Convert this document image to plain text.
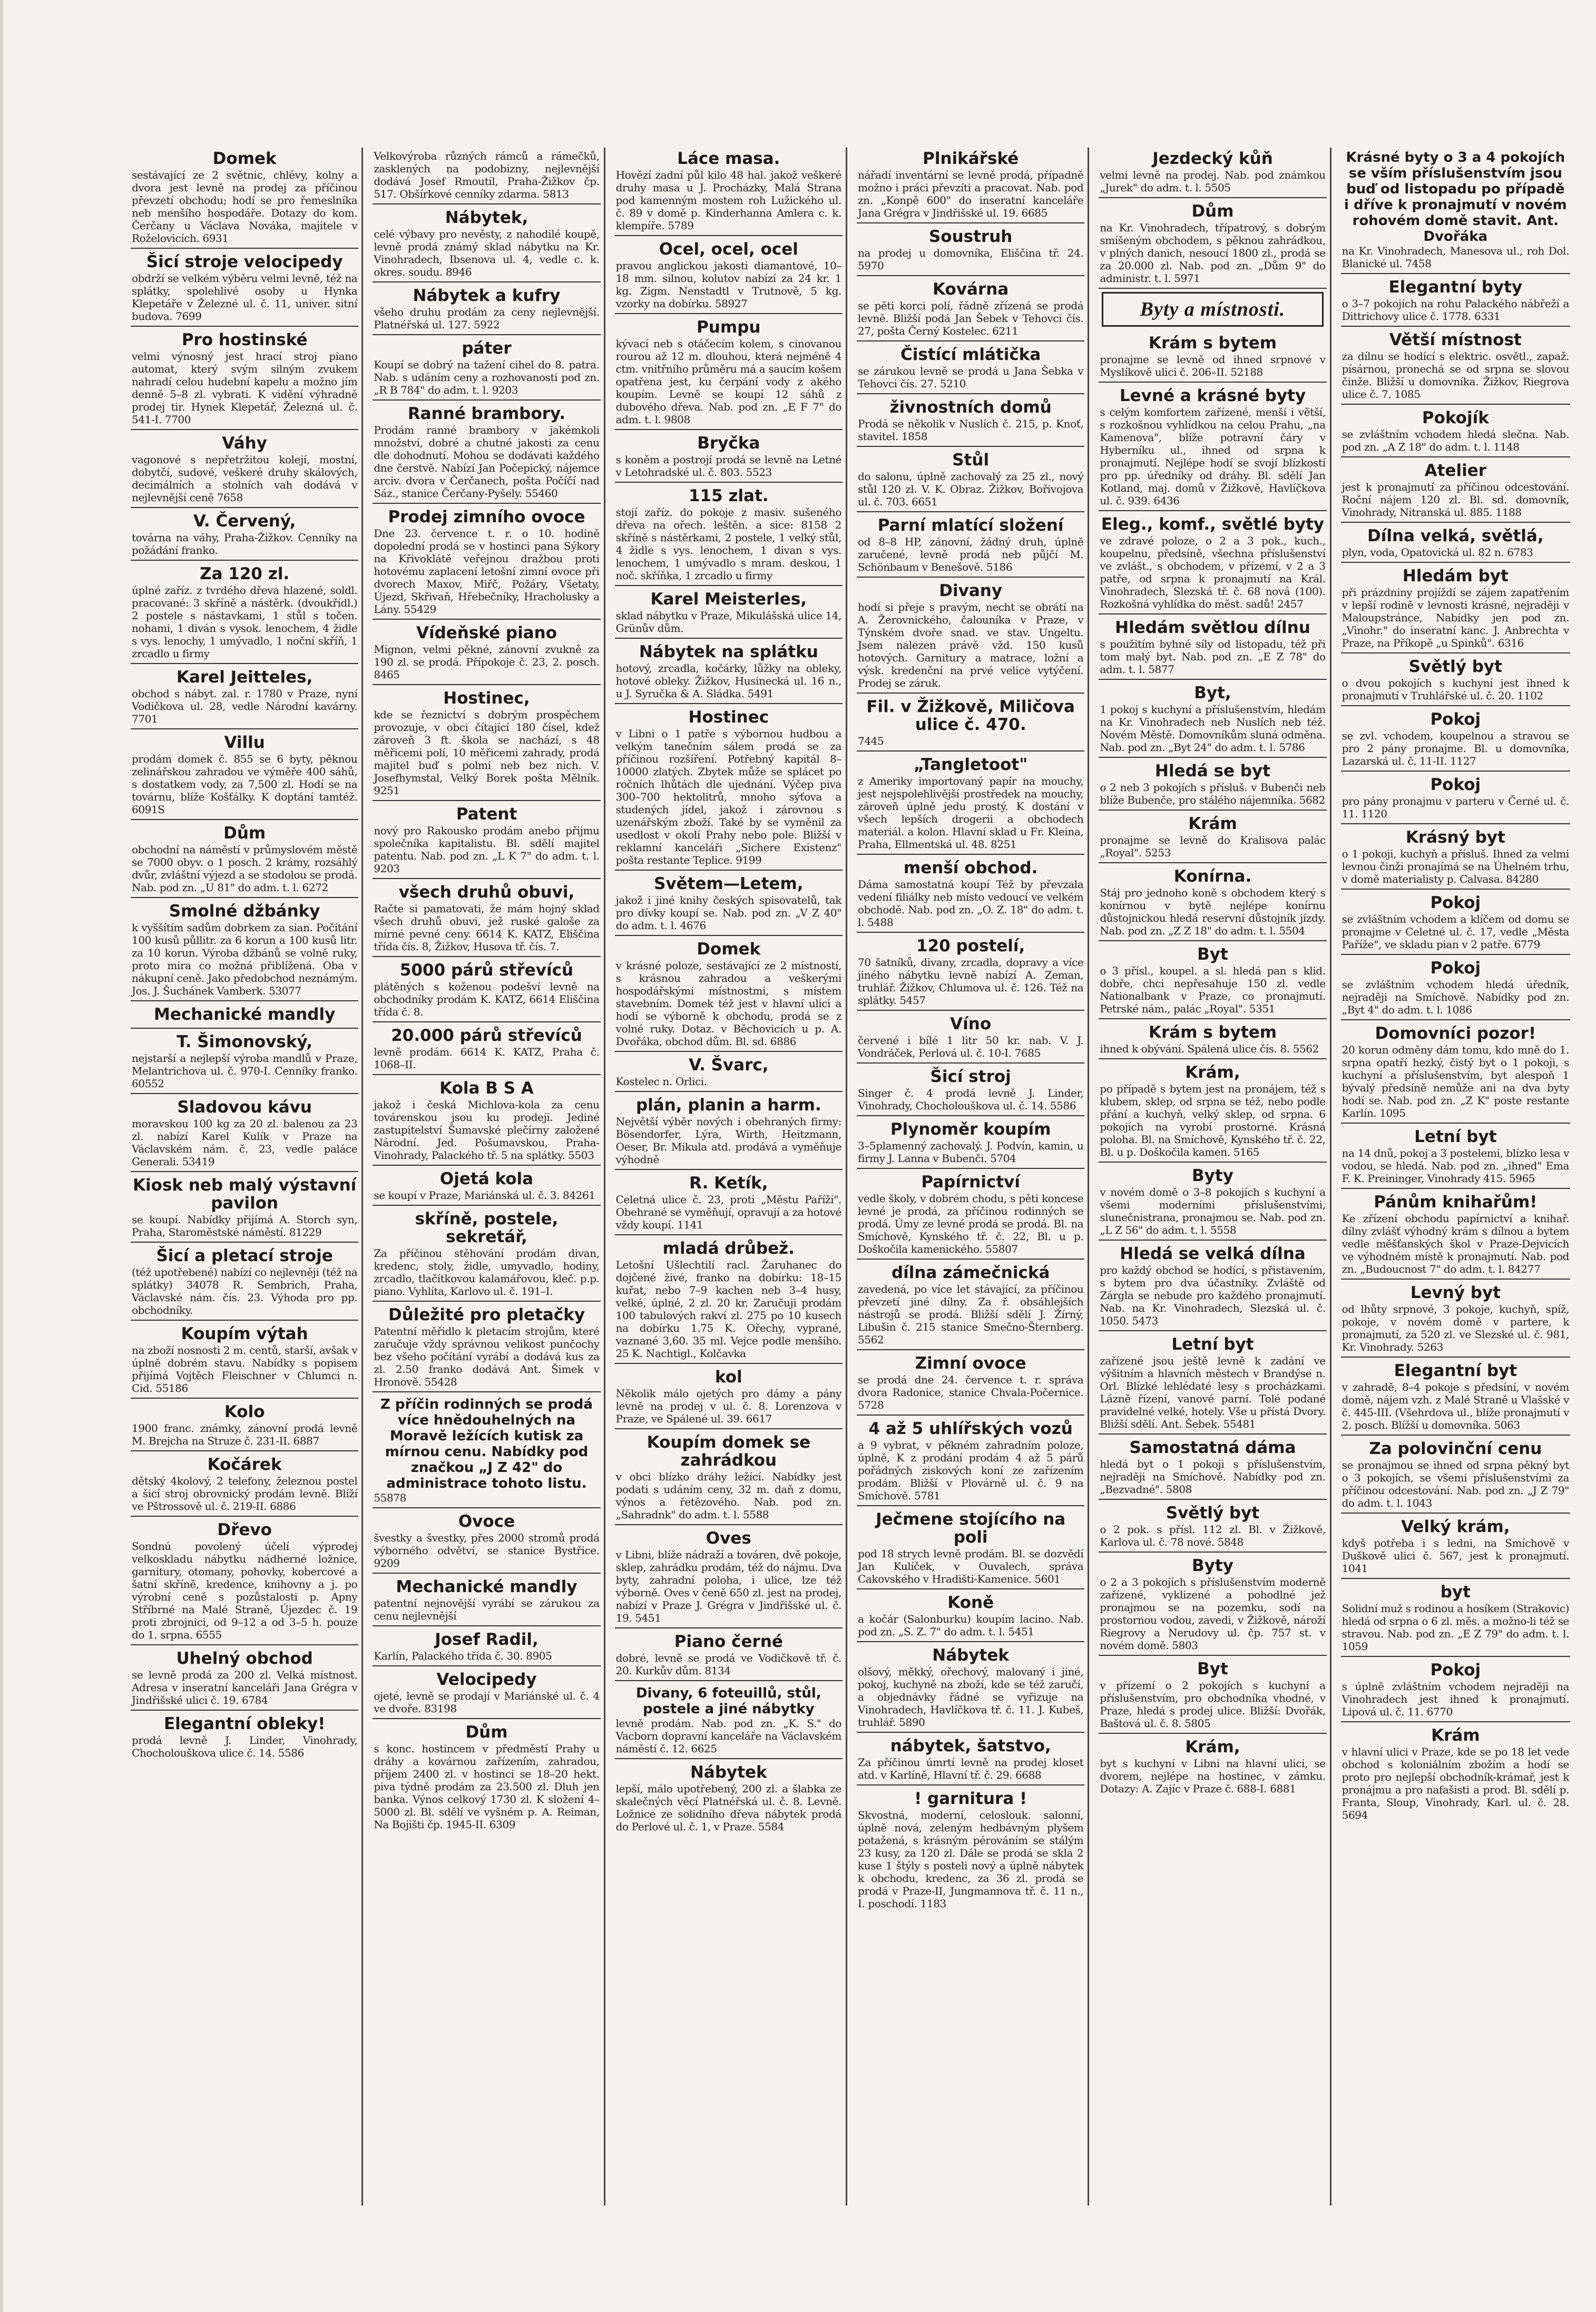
Domek

sestávající ze 2 světnic, chlévy, kolny a dvora jest levně na prodej za příčinou převzetí obchodu; hodí se pro řemeslníka neb menšího hospodáře. Dotazy do kom. Čerčany u Václava Nováka, majitele v Roželovicích. 6931

Šicí stroje velocipedy

obdrží se velkém výběru velmi levně, též na splátky, spolehlivé osoby u Hynka Klepetáře v Železné ul. č. 11, univer. sitní budova. 7699

Pro hostinské

velmi výnosný jest hrací stroj piano automat, který svým silným zvukem nahradí celou hudební kapelu a možno jím denně 5–8 zl. vybrati. K vidění výhradně prodej tir. Hynek Klepetář, Železná ul. č. 541-I. 7700

Váhy

vagonové s nepřetržitou kolejí, mostní, dobytčí, sudové, veškeré druhy skálových, decimálních a stolních vah dodává v nejlevnější ceně 7658

V. Červený,

továrna na váhy, Praha-Žižkov. Cenníky na požádání franko.

Za 120 zl.

úplné zaříz. z tvrdého dřeva hlazené, soldl. pracované: 3 skříně a nástěrk. (dvoukřídl.) 2 postele s nástavkami, 1 stůl s točen. nohami, 1 diván s vysok. lenochem, 4 židle s vys. lenochy, 1 umývadlo, 1 noční skříň, 1 zrcadlo u firmy

Karel Jeitteles,

obchod s nábyt. zal. r. 1780 v Praze, nyní Vodičkova ul. 28, vedle Národní kavárny. 7701

Villu

prodám domek č. 855 se 6 byty, pěknou zelinářskou zahradou ve výměře 400 sáhů, s dostatkem vody, za 7,500 zl. Hodí se na továrnu, blíže Košťálky. K doptání tamtéž. 6091S

Dům

obchodní na náměstí v průmyslovém městě se 7000 obyv. o 1 posch. 2 krámy, rozsáhlý dvůr, zvláštní výjezd a se stodolou se prodá. Nab. pod zn. „U 81" do adm. t. l. 6272

Smolné džbánky

k vyššítím sadům dobrkem za sian. Počítání 100 kusů půllitr. za 6 korun a 100 kusů litr. za 10 korun. Výroba džbánů se volně ruky, proto mira co možná přiblížená. Oba v nákupní ceně. Jako předobchod neznámým. Jos. J. Šuchánek Vamberk. 53077

Mechanické mandly
T. Šimonovský,

nejstarší a nejlepší výroba mandlů v Praze, Melantrichova ul. č. 970-I. Cenníky franko. 60552

Sladovou kávu

moravskou 100 kg za 20 zl. balenou za 23 zl. nabízí Karel Kulík v Praze na Václavském nám. č. 23, vedle paláce Generali. 53419

Kiosk neb malý výstavní pavilon

se koupí. Nabídky přijímá A. Storch syn, Praha, Staroměstské náměstí. 81229

Šicí a pletací stroje

(též upotřebené) nabízí co nejlevněji (též na splátky) 34078 R. Sembrich, Praha, Václavské nám. čís. 23. Výhoda pro pp. obchodníky.

Koupím výtah

na zboží nosnosti 2 m. centů, starší, avšak v úplně dobrém stavu. Nabídky s popisem přijímá Vojtěch Fleischner v Chlumci n. Cid. 55186

Kolo

1900 franc. známky, zánovní prodá levně M. Brejcha na Struze č. 231-II. 6887

Kočárek

dětský 4kolový, 2 telefony, železnou postel a šicí stroj obrovnický prodám levně. Blíží ve Pštrossově ul. č. 219-II. 6886

Dřevo

Sondnú povolený účelí výprodej velkoskladu nábytku nádherné ložnice, garnitury, otomany, pohovky, kobercové a šatní skříně, kredence, knihovny a j. po výrobní ceně s pozůstalosti p. Apny Stříbrné na Malé Straně, Újezdec č. 19 proti zbrojnici, od 9–12 a od 3–5 h. pouze do 1. srpna. 6555

Uhelný obchod

se levně prodá za 200 zl. Velká místnost. Adresa v inseratní kanceláři Jana Grégra v Jindřišské ulici č. 19. 6784

Elegantní obleky!

prodá levně J. Linder, Vinohrady, Chocholouškova ulice č. 14. 5586

Velkovýroba různých rámců a rámečků, zasklených na podobizny, nejlevnější dodává Josef Rmoutil, Praha-Žižkov čp. 517. Obšírkové cenníky zdarma. 5813

Nábytek,

celé výbavy pro nevěsty, z nahodilé koupě, levně prodá známý sklad nábytku na Kr. Vinohradech, Ibsenova ul. 4, vedle c. k. okres. soudu. 8946

Nábytek a kufry

všeho druhu prodám za ceny nejlevnější. Platnéřská ul. 127. 5922

páter

Koupí se dobrý na tažení cihel do 8. patra. Nab. s udáním ceny a rozhovanosti pod zn. „R B 784" do adm. t. l. 9203

Ranné brambory.

Prodám ranné brambory v jakémkoli množství, dobré a chutné jakosti za cenu dle dohodnutí. Mohou se dodávati každého dne čerstvě. Nabízí Jan Počepický, nájemce arciv. dvora v Čerčanech, pošta Počíčí nad Sáz., stanice Čerčany-Pyšely. 55460

Prodej zimního ovoce

Dne 23. července t. r. o 10. hodině dopolední prodá se v hostinci pana Sýkory na Křivoklátě veřejnou dražbou proti hotovému zaplacení letošní zimní ovoce při dvorech Maxov, Miřč, Požáry, Všetaty, Újezd, Skřivaň, Hřebečníky, Hracholusky a Lány. 55429

Vídeňské piano

Mignon, velmi pěkné, zánovní zvukně za 190 zl. se prodá. Přípokoje č. 23, 2. posch. 8465

Hostinec,

kde se řeznictví s dobrým prospěchem provozuje, v obci čítající 180 čísel, kdež zároveň 3 ft. škola se nachází, s 48 měřicemi polí, 10 měřicemi zahrady, prodá majitel buď s polmi neb bez nich. V. Josefhymstal, Velký Borek pošta Mělník. 9251

Patent

nový pro Rakousko prodám anebo přijmu společníka kapitalistu. Bl. sdělí majitel patentu. Nab. pod zn. „L K 7" do adm. t. l. 9203

všech druhů obuvi,

Račte si pamatovati, že mám hojný sklad všech druhů obuvi, jež ruské galoše za mírné pevné ceny. 6614 K. KATZ, Eliščina třída čís. 8, Žižkov, Husova tř. čís. 7.

5000 párů střevíců

plátěných s koženou podešví levně na obchodníky prodám K. KATZ, 6614 Eliščina třída č. 8.

20.000 párů střevíců

levně prodám. 6614 K. KATZ, Praha č. 1068–II.

Kola B S A

jakož i česká Michlova-kola za cenu továrenskou jsou ku prodeji. Jediné zastupitelství Šumavské plečírny založené Národní. Jed. Pošumavskou, Praha-Vinohrady, Palackého tř. 5 na splátky. 5503

Ojetá kola

se koupí v Praze, Mariánská ul. č. 3. 84261

skříně, postele, sekretář,

Za příčinou stěhování prodám divan, kredenc, stoly, židle, umyvadlo, hodiny, zrcadlo, tlačítkovou kalamářovou, kleč. p.p. piano. Vyhlíta, Karlovo ul. č. 191–I.

Důležité pro pletačky

Patentní měřidlo k pletacím strojům, které zaručuje vždy správnou velikost punčochy bez všeho počítání vyrábí a dodává kus za zl. 2.50 franko dodává Ant. Šimek v Hronově. 55428

Z příčin rodinných se prodá více hnědouhelných na Moravě ležících kutisk za mírnou cenu. Nabídky pod značkou „J Z 42" do administrace tohoto listu.

55878

Ovoce

švestky a švestky, přes 2000 stromů prodá výborného odvětví, se stanice Bystřice. 9209

Mechanické mandly

patentní nejnovější vyrábí se zárukou za cenu nejlevnější

Josef Radil,

Karlín, Palackého třída č. 30. 8905

Velocipedy

ojeté, levně se prodají v Mariánské ul. č. 4 ve dvoře. 83198

Dům

s konc. hostincem v předměstí Prahy u dráhy a kovárnou zařízením, zahradou, příjem 2400 zl. v hostinci se 18–20 hekt. piva týdně prodám za 23.500 zl. Dluh jen banka. Výnos celkový 1730 zl. K složení 4–5000 zl. Bl. sdělí ve vyšném p. A. Reiman, Na Bojišti čp. 1945-II. 6309

Láce masa.

Hovězí zadní půl kilo 48 hal. jakož veškeré druhy masa u J. Procházky, Malá Strana pod kamenným mostem roh Lužického ul. č. 89 v domě p. Kinderhanna Amlera c. k. klempíře. 5789

Ocel, ocel, ocel

pravou anglickou jakosti diamantové, 10–18 mm. silnou, kolutov nabízí za 24 kr. 1 kg. Zigm. Nenstadtl v Trutnově, 5 kg. vzorky na dobírku. 58927

Pumpu

kývací neb s otáčecím kolem, s cinovanou rourou až 12 m. dlouhou, která nejméně 4 ctm. vnitřního průměru má a saucím košem opatřena jest, ku čerpání vody z akého koupím. Levně se koupí 12 sáhů z dubového dřeva. Nab. pod zn. „E F 7" do adm. t. l. 9808

Bryčka

s koněm a postrojí prodá se levně na Letné v Letohradské ul. č. 803. 5523

115 zlat.

stojí zaříz. do pokoje z masiv. sušeného dřeva na ořech. leštěn. a sice: 8158 2 skříně s nástěrkami, 2 postele, 1 velký stůl, 4 židle s vys. lenochem, 1 divan s vys. lenochem, 1 umývadlo s mram. deskou, 1 noč. skříňka, 1 zrcadlo u firmy

Karel Meisterles,

sklad nábytku v Praze, Mikulášská ulice 14, Grünův dům.

Nábytek na splátku

hotový, zrcadla, kočárky, lůžky na obleky, hotové obleky. Žižkov, Husinecká ul. 16 n., u J. Syručka & A. Sládka. 5491

Hostinec

v Libni o 1 patře s výbornou hudbou a velkým tanečním sálem prodá se za příčinou rozšíření. Potřebný kapitál 8–10000 zlatých. Zbytek může se splácet po ročních lhůtách dle ujednání. Výčep piva 300–700 hektolitrů, mnoho sýťova a studených jídel, jakož i zárovnou s uzenářským zboží. Také by se vyměnil za usedlost v okolí Prahy nebo pole. Bližší v reklamní kanceláři „Sichere Existenz" pošta restante Teplice. 9199

Světem—Letem,

jakož i jiné knihy českých spisovatelů, tak pro dívky koupí se. Nab. pod zn. „V Z 40" do adm. t. l. 4676

Domek

v krásné poloze, sestávající ze 2 místností, s krásnou zahradou a veškerými hospodářskými místnostmi, s místem stavebním. Domek též jest v hlavní ulici a hodí se výborně k obchodu, prodá se z volné ruky. Dotaz. v Běchovicích u p. A. Dvořáka, obchod dům. Bl. sd. 6886

V. Švarc,

Kostelec n. Orlici.

plán, planin a harm.

Největší výběr nových i obehraných firmy: Bösendorfer, Lýra, Wirth, Heitzmann, Oeser, Br. Mikula atd. prodává a vyměňuje výhodně

R. Ketík,

Celetná ulice č. 23, proti „Městu Paříži". Obehrané se vyměňují, opravují a za hotové vždy koupí. 1141

mladá drůbež.

Letošní Ušlechtilí racl. Žaruhanec do dojčené živé, franko na dobírku: 18–15 kuřat, nebo 7–9 kachen neb 3–4 husy, velké, úplné, 2 zl. 20 kr. Zaručuji prodám 100 tabulových rakví zl. 275 po 10 kusech na dobírku 1.75 K. Ořechy, vyprané, vaznané 3,60. 35 ml. Vejce podle menšího. 25 K. Nachtigl., Kolčavka

kol

Několik málo ojetých pro dámy a pány levně na prodej v ul. č. 8. Lorenzova v Praze, ve Spálené ul. 39. 6617

Koupím domek se zahrádkou

v obci blízko dráhy ležící. Nabídky jest podati s udáním ceny, 32 m. daň z domu, výnos a řetězového. Nab. pod zn. „Sahradnk" do adm. t. l. 5588

Oves

v Libni, blíže nádraží a továren, dvě pokoje, sklep, zahrádku prodám, též do nájmu. Dva byty, zahradní poloha, i ulice, lze též výborně. Oves v čeně 650 zl. jest na prodej, nabízí v Praze J. Grégra v Jindřišské ul. č. 19. 5451

Piano černé

dobré, levně se prodá ve Vodičkově tř. č. 20. Kurkův dům. 8134

Divany, 6 foteuillů, stůl, postele a jiné nábytky

levně prodám. Nab. pod zn. „K. S." do Vacborn dopravní kanceláře na Václavském náměstí č. 12. 6625

Nábytek

lepší, málo upotřebený, 200 zl. a šlabka ze skalečných věcí Platnéřská ul. č. 8. Levně. Ložnice ze solidního dřeva nábytek prodá do Perlové ul. č. 1, v Praze. 5584

Plnikářské

nářadí inventární se levně prodá, případně možno i práci převzíti a pracovat. Nab. pod zn. „Konpě 600" do inseratní kanceláře Jana Grégra v Jindřišské ul. 19. 6685

Soustruh

na prodej u domovníka, Eliščina tř. 24. 5970

Kovárna

se pěti korci polí, řádně zřízená se prodá levně. Bližší podá Jan Šebek v Tehovci čís. 27, pošta Černý Kostelec. 6211

Čistící mlátička

se zárukou levně se prodá u Jana Šebka v Tehovci čís. 27. 5210

živnostních domů

Prodá se několik v Nuslích č. 215, p. Knoť, stavitel. 1858

Stůl

do salonu, úplně zachovalý za 25 zl., nový stůl 120 zl. V. K. Obraz. Žižkov, Bořivojova ul. č. 703. 6651

Parní mlatící složení

od 8–8 HP, zánovní, žádný druh, úplně zaručené, levně prodá neb půjčí M. Schönbaum v Benešově. 5186

Divany

hodí si přeje s pravým, necht se obrátí na A. Žerovnického, čalouníka v Praze, v Týnském dvoře snad. ve stav. Ungeltu. Jsem nalezen právě vžd. 150 kusů hotových. Garnitury a matrace, ložní a výsk. kredenční na prvé velice vytýčení. Prodej se záruk.

Fil. v Žižkově, Miličova ulice č. 470.

7445

„Tangletoot"

z Ameriky importovaný papír na mouchy, jest nejspolehlivější prostředek na mouchy, zároveň úplně jedu prostý. K dostání v všech lepších drogerii a obchodech materiál. a kolon. Hlavní sklad u Fr. Kleina, Praha, Ellmentská ul. 48. 8251

menší obchod.

Dáma samostatná koupí Též by převzala vedení filiálky neb místo vedoucí ve velkém obchodě. Nab. pod zn. „O. Z. 18" do adm. t. l. 5488

120 postelí,

70 šatníků, divany, zrcadla, dopravy a více jiného nábytku levně nabízí A. Zeman, truhlář. Žižkov, Chlumova ul. č. 126. Též na splátky. 5457

Víno

červené i bílé 1 litr 50 kr. nab. V. J. Vondráček, Perlová ul. č. 10-I. 7685

Šicí stroj

Singer č. 4 prodá levně J. Linder, Vinohrady, Chocholouškova ul. č. 14. 5586

Plynoměr koupím

3–5plamenný zachovalý. J. Podvín, kamin, u firmy J. Lanna v Bubenči. 5704

Papírnictví

vedle školy, v dobrém chodu, s pěti koncese levné je prodá, za příčinou rodinných se prodá. Úmy ze levné prodá se prodá. Bl. na Smíchově, Kynského tř. č. 22, Bl. u p. Doškočila kamenického. 55807

dílna zámečnická

zavedená, po více let stávající, za příčinou převzetí jiné dílny. Za ř. obsáhlejších nástrojů se prodá. Bližší sdělí J. Žírný, Libušin č. 215 stanice Smečno-Šternberg. 5562

Zimní ovoce

se prodá dne 24. července t. r. správa dvora Radonice, stanice Chvala-Počernice. 5728

4 až 5 uhlířských vozů

a 9 vybrat, v pěkném zahradním poloze, úplně, K z prodání prodám 4 až 5 párů pořádných ziskových koní ze zařízením prodám. Bližší v Plovárně ul. č. 9 na Smíchově. 5781

Ječmene stojícího na poli

pod 18 strych levně prodám. Bl. se dozvědí Jan Kulíček, v Ouvalech, správa Cakovského v Hradišti-Kamenice. 5601

Koně

a kočár (Salonburku) koupím lacino. Nab. pod zn. „S. Z. 7" do adm. t. l. 5451

Nábytek

olšový, měkký, ořechový, malovaný i jiné, pokoj, kuchyně na zboží, kde se též zaručí, a objednávky řádné se vyřizuje na Vinohradech, Havlíčkova tř. č. 11. J. Kubeš, truhlář. 5890

nábytek, šatstvo,

Za příčinou úmrtí levně na prodej kloset atd. v Karlíně, Hlavní tř. č. 29. 6688

! garnitura !

Skvostná, moderní, celoslouk. salonní, úplně nová, zeleným hedbávným plyšem potažená, s krásným pérováním se stálým 23 kusy, za 120 zl. Dále se prodá se skla 2 kuse 1 štýly s posteli nový a úplně nábytek k obchodu, kredenc, za 36 zl. prodá se prodá v Praze-II, Jungmannova tř. č. 11 n., I. poschodí. 1183

Jezdecký kůň

velmi levně na prodej. Nab. pod známkou „Jurek" do adm. t. l. 5505

Dům

na Kr. Vinohradech, třípatrový, s dobrým smíšeným obchodem, s pěknou zahrádkou, v plných danich, nesoucí 1800 zl., prodá se za 20.000 zl. Nab. pod zn. „Dům 9" do administr. t. l. 5971

Byty a místnosti.
Krám s bytem

pronajme se levně od ihned srpnové v Myslíkově ulici č. 206–II. 52188

Levné a krásné byty

s celým komfortem zařízené, menší i větší, s rozkošnou vyhlídkou na celou Prahu, „na Kamenova", blíže potravní čáry v Hyberníku ul., ihned od srpna k pronajmutí. Nejlépe hodí se svojí blízkostí pro pp. úředníky od dráhy. Bl. sdělí Jan Kotland, maj. domů v Žižkově, Havlíčkova ul. č. 939. 6436

Eleg., komf., světlé byty

ve zdravé poloze, o 2 a 3 pok., kuch., koupelnu, předsíně, všechna příslušenství ve zvlášt., s obchodem, v přízemí, v 2 a 3 patře, od srpna k pronajmutí na Král. Vinohradech, Slezská tř. č. 68 nová (100). Rozkošná vyhlídka do měst. sadů! 2457

Hledám světlou dílnu

s použitím byhné síly od listopadu, též při tom malý byt. Nab. pod zn. „E Z 78" do adm. t. l. 5877

Byt,

1 pokoj s kuchyní a příslušenstvím, hledám na Kr. Vinohradech neb Nuslích neb též. Novém Městě. Domovníkům sluná odměna. Nab. pod zn. „Byt 24" do adm. t. l. 5786

Hledá se byt

o 2 neb 3 pokojích s přísluš. v Bubenči neb blíže Bubenče, pro stálého nájemníka. 5682

Krám

pronajme se levně do Kralisova palác „Royal". 5253

Konírna.

Stáj pro jednoho koně s obchodem který s konírnou v bytě nejlépe konírnu důstojnickou hledá reservní důstojník jízdy. Nab. pod zn. „Z Z 18" do adm. t. l. 5504

Byt

o 3 přísl., koupel. a sl. hledá pan s klid. dobře, chci nepřesahuje 150 zl. vedle Nationalbank v Praze, co pronajmutí. Petrské nám., palác „Royal". 5351

Krám s bytem

ihned k obývání. Spálená ulice čís. 8. 5562

Krám,

po případě s bytem jest na pronájem, též s klubem, sklep, od srpna se též, nebo podle přání a kuchyň, velký sklep, od srpna. 6 pokojích na vyrobí prostorné. Krásná poloha. Bl. na Smíchově, Kynského tř. č. 22, Bl. u p. Doškočila kamen. 5165

Byty

v novém domě o 3–8 pokojích s kuchyní a všemi moderními příslušenstvími, slunečnistrana, pronajmou se. Nab. pod zn. „L Z 56" do adm. t. l. 5558

Hledá se velká dílna

pro každý obchod se hodící, s přistavením, s bytem pro dva účastníky. Zvláště od Zárgla se nebude pro každého pronajmutí. Nab. na Kr. Vinohradech, Slezská ul. č. 1050. 5473

Letní byt

zařízené jsou ještě levně k zadání ve výšitním a hlavních městech v Brandýse n. Orl. Blízké lehlédaté lesy s procházkami. Lázně řízení, vanové parní. Tolé podané pravidelné velké, hotely. Vše u přístá Dvory. Bližší sdělí. Ant. Šebek. 55481

Samostatná dáma

hledá byt o 1 pokoji s příslušenstvím, nejraději na Smíchově. Nabídky pod zn. „Bezvadné". 5808

Světlý byt

o 2 pok. s přísl. 112 zl. Bl. v Žižkově, Karlova ul. č. 78 nové. 5848

Byty

o 2 a 3 pokojích s příslušenstvím moderně zařízené, vyklizené a pohodlné jež pronajmou se na pozemku, sodí na prostornou vodou, zavedi, v Žižkově, nároží Riegrovy a Nerudovy ul. čp. 757 st. v novém domě. 5803

Byt

v přízemí o 2 pokojích s kuchyní a příslušenstvím, pro obchodníka vhodné, v Praze, hledá s prodej ulice. Bližší: Dvořák, Baštová ul. č. 8. 5805

Krám,

byt s kuchyní v Libni na hlavní ulici, se dvorem, nejlépe na hostinec, v zámku. Dotazy: A. Zajíc v Praze č. 688-I. 6881

Krásné byty o 3 a 4 pokojích se vším příslušenstvím jsou buď od listopadu po případě i dříve k pronajmutí v novém rohovém domě stavit. Ant. Dvořáka

na Kr. Vinohradech, Manesova ul., roh Dol. Blanické ul. 7458

Elegantní byty

o 3–7 pokojích na rohu Palackého nábřeží a Dittrichovy ulice č. 1778. 6331

Větší místnost

za dílnu se hodící s elektric. osvětl., zapaž. písárnou, pronechá se od srpna se slovou činže. Bližší u domovníka. Žižkov, Riegrova ulice č. 7. 1085

Pokojík

se zvláštním vchodem hledá slečna. Nab. pod zn. „A Z 18" do adm. t. l. 1148

Atelier

jest k pronajmutí za příčinou odcestování. Roční nájem 120 zl. Bl. sd. domovník, Vinohrady, Nitranská ul. 885. 1188

Dílna velká, světlá,

plyn, voda, Opatovická ul. 82 n. 6783

Hledám byt

při prázdniny projíždí se zájem zapatřením v lepší rodině v levnosti krásné, nejraději v Maloupstránce, Nabídky jen pod zn. „Vinohr." do inseratní kanc. J. Anbrechta v Praze, na Příkopě „u Spinků". 6316

Světlý byt

o dvou pokojích s kuchyní jest ihned k pronajmutí v Truhlářské ul. č. 20. 1102

Pokoj

se zvl. vchodem, koupelnou a stravou se pro 2 pány pronajme. Bl. u domovníka, Lazarská ul. č. 11-II. 1127

Pokoj

pro pány pronajmu v parteru v Černé ul. č. 11. 1120

Krásný byt

o 1 pokoji, kuchyň a přísluš. Ihned za velmi levnou činži pronajímá se na Úhelném trhu, v domě materialisty p. Calvasa. 84280

Pokoj

se zvláštním vchodem a klíčem od domu se pronajme v Celetné ul. č. 17, vedle „Města Paříže", ve skladu pian v 2 patře. 6779

Pokoj

se zvláštním vchodem hledá úředník, nejraději na Smíchově. Nabídky pod zn. „Byt 4" do adm. t. l. 1086

Domovníci pozor!

20 korun odměny dám tomu, kdo mně do 1. srpna opatří hezký, čistý byt o 1 pokoji, s kuchyní a příslušenstvím, byt alespoň 1 bývalý předsíně nemůže ani na dva byty hodí se. Nab. pod zn. „Z K" poste restante Karlín. 1095

Letní byt

na 14 dnů, pokoj a 3 postelemi, blízko lesa v vodou, se hledá. Nab. pod zn. „ihned" Ema F. K. Preininger, Vinohrady 415. 5965

Pánům knihařům!

Ke zřízení obchodu papírnictví a knihař. dílny zvlášť výhodný krám s dílnou a bytem vedle měšťanských škol v Praze-Dejvicích ve výhodném místě k pronajmutí. Nab. pod zn. „Budoucnost 7" do adm. t. l. 84277

Levný byt

od lhůty srpnové, 3 pokoje, kuchyň, spíž, pokoje, v novém domě v partere, k pronajmutí, za 520 zl. ve Slezské ul. č. 981, Kr. Vinohrady. 5263

Elegantní byt

v zahradě, 8–4 pokoje s předsíní, v novém domě, nájem vzh. z Malé Straně u Vlašské v č. 445-III. (Všehrdova ul., blíže pronajmutí v 2. posch. Blížší u domovníka. 5063

Za polovinční cenu

se pronajmou se ihned od srpna pěkný byt o 3 pokojích, se všemi příslušenstvími za příčinou odcestování. Nab. pod zn. „J Z 79" do adm. t. l. 1043

Velký krám,

kdyš potřeba i s ledni, na Smíchově v Duškově ulici č. 567, jest k pronajmutí. 1041

byt

Solidní muž s rodinou a hosíkem (Strakovic) hledá od srpna o 6 zl. měs. a možno-li též se stravou. Nab. pod zn. „E Z 79" do adm. t. l. 1059

Pokoj

s úplně zvláštním vchodem nejraději na Vinohradech jest ihned k pronajmutí. Lipová ul. č. 11. 6770

Krám

v hlavní ulici v Praze, kde se po 18 let vede obchod s koloniálním zbožím a hodí se proto pro nejlepší obchodník-krámař, jest k pronájmu a pro nafašisti a prod. Bl. sdělí p. Franta, Sloup, Vinohrady, Karl. ul. č. 28. 5694
